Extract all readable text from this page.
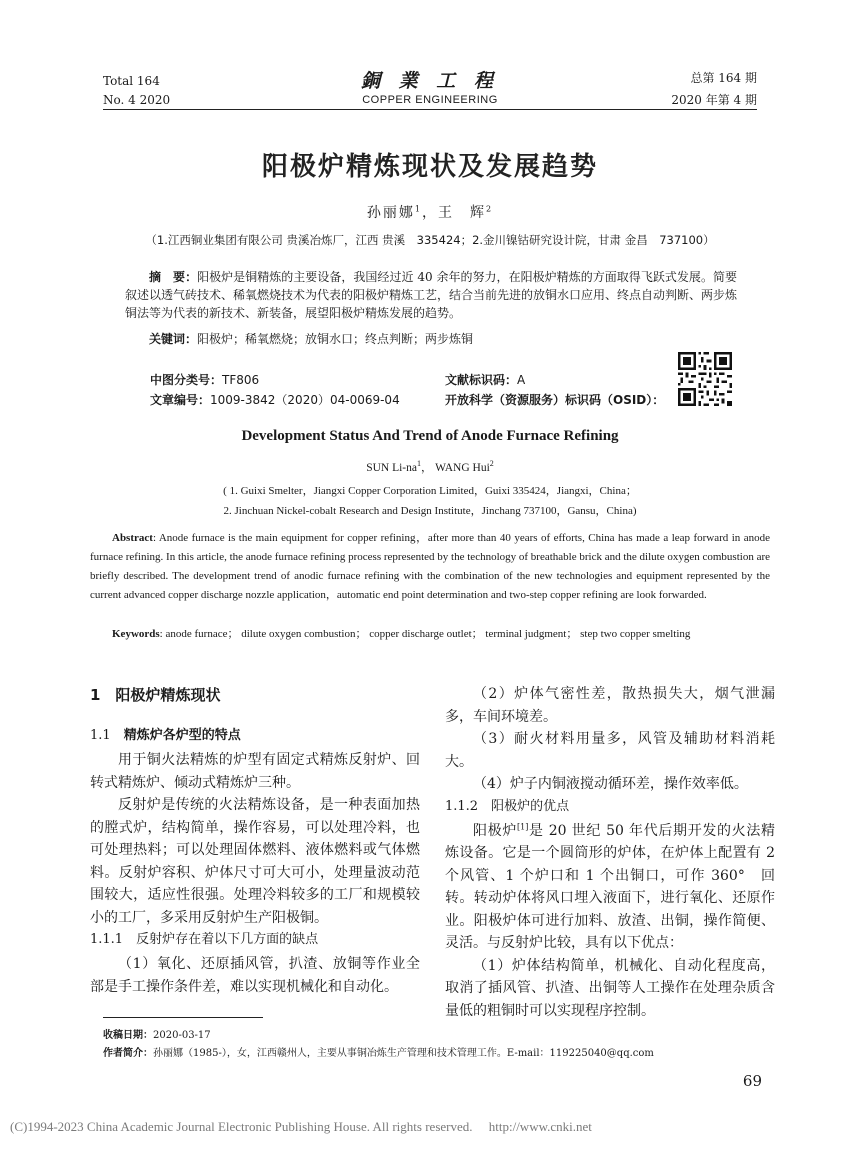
Total 164
No. 4 2020
銅 業 工 程
COPPER ENGINEERING
总第 164 期
2020 年第 4 期
阳极炉精炼现状及发展趋势
孙丽娜$^1$，王　辉$^2$
（1.江西铜业集团有限公司 贵溪冶炼厂，江西 贵溪　335424；2.金川镍钴研究设计院，甘肃 金昌　737100）
摘　要：阳极炉是铜精炼的主要设备，我国经过近 40 余年的努力，在阳极炉精炼的方面取得飞跃式发展。简要叙述以透气砖技术、稀氧燃烧技术为代表的阳极炉精炼工艺，结合当前先进的放铜水口应用、终点自动判断、两步炼铜法等为代表的新技术、新装备，展望阳极炉精炼发展的趋势。
关键词：阳极炉；稀氧燃烧；放铜水口；终点判断；两步炼铜
中图分类号：TF806
文章编号：1009-3842（2020）04-0069-04
文献标识码：A
开放科学（资源服务）标识码（OSID）：
Development Status And Trend of Anode Furnace Refining
SUN $Li-na^1$， WANG Hui$^2$
( 1. Guixi Smelter，Jiangxi Copper Corporation Limited，Guixi 335424，Jiangxi，China；
2. Jinchuan Nickel-cobalt Research and Design Institute，Jinchang 737100，Gansu，China)
Abstract: Anode furnace is the main equipment for copper refining，after more than 40 years of efforts, China has made a leap forward in anode furnace refining. In this article, the anode furnace refining process represented by the technology of breathable brick and the dilute oxygen combustion are briefly described. The development trend of anodic furnace refining with the combination of the new technologies and equipment represented by the current advanced copper discharge nozzle application，automatic end point determination and two-step copper refining are look forwarded.
Keywords: anode furnace； dilute oxygen combustion； copper discharge outlet； terminal judgment； step two copper smelting
1　阳极炉精炼现状
1.1　 精炼炉各炉型的特点

用于铜火法精炼的炉型有固定式精炼反射炉、回转式精炼炉、倾动式精炼炉三种。

反射炉是传统的火法精炼设备，是一种表面加热的膛式炉，结构简单，操作容易，可以处理冷料，也可处理热料；可以处理固体燃料、液体燃料或气体燃料。反射炉容积、炉体尺寸可大可小，处理量波动范围较大，适应性很强。处理冷料较多的工厂和规模较小的工厂，多采用反射炉生产阳极铜。

1.1.1　 反射炉存在着以下几方面的缺点

（1）氧化、还原插风管，扒渣、放铜等作业全部是手工操作条件差，难以实现机械化和自动化。

（2）炉体气密性差，散热损失大，烟气泄漏多，车间环境差。

（3）耐火材料用量多，风管及辅助材料消耗大。

（4）炉子内铜液搅动循环差，操作效率低。

1.1.2　 阳极炉的优点

阳极炉[1]是 20 世纪 50 年代后期开发的火法精炼设备。它是一个圆筒形的炉体，在炉体上配置有 2 个风管、1 个炉口和 1 个出铜口，可作 360°　回转。转动炉体将风口埋入液面下，进行氧化、还原作业。阳极炉体可进行加料、放渣、出铜，操作简便、灵活。与反射炉比较，具有以下优点：

（1）炉体结构简单，机械化、自动化程度高，取消了插风管、扒渣、出铜等人工操作在处理杂质含量低的粗铜时可以实现程序控制。

收稿日期：2020-03-17
作者简介：孙丽娜（1985-），女，江西赣州人，主要从事铜冶炼生产管理和技术管理工作。E-mail：119225040@qq.com
69
(C)1994-2023 China Academic Journal Electronic Publishing House. All rights reserved.　 http://www.cnki.net
